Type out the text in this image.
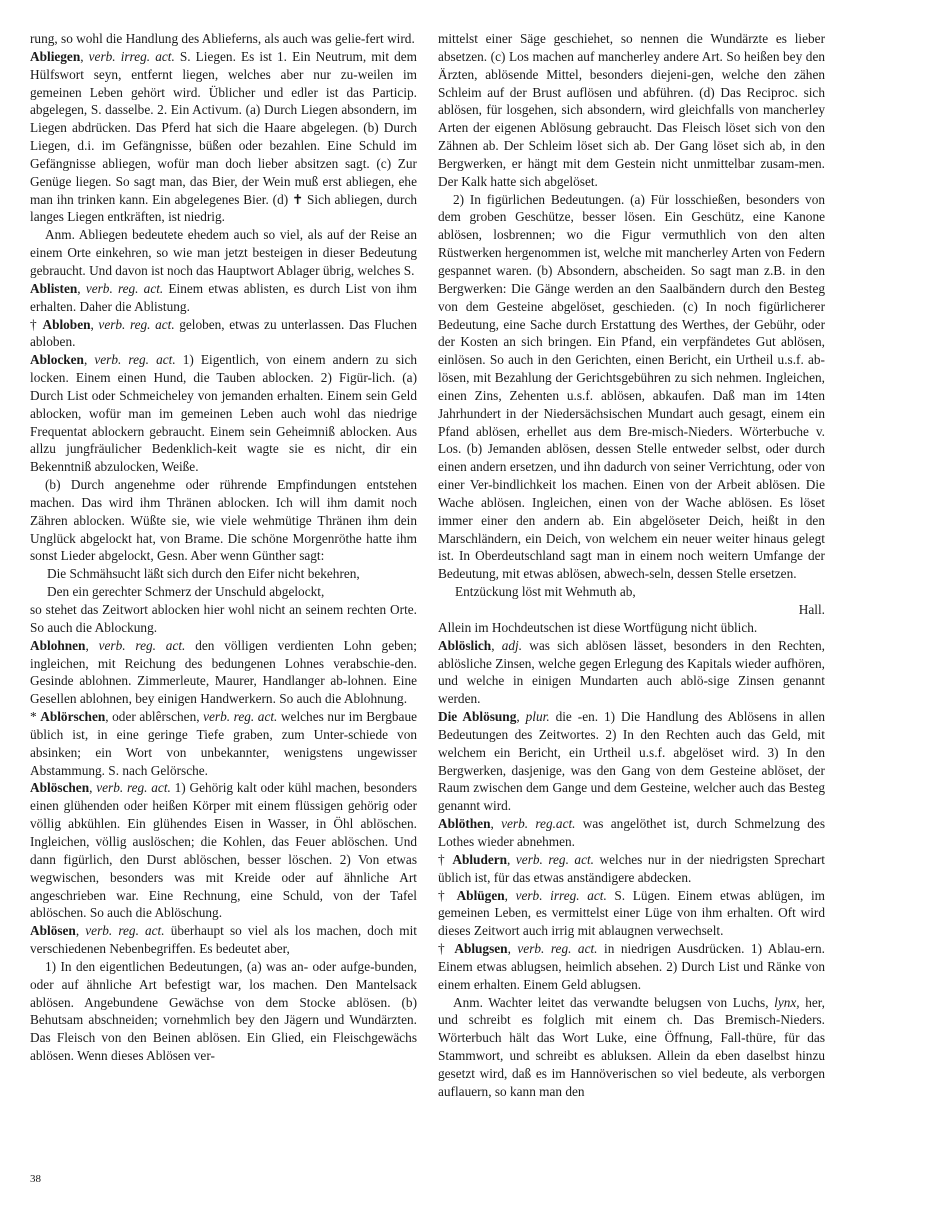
rung, so wohl die Handlung des Ablieferns, als auch was gelie-fert wird.

Abliegen, verb. irreg. act. S. Liegen. Es ist 1. Ein Neutrum, mit dem Hülfswort seyn, entfernt liegen, welches aber nur zu-weilen im gemeinen Leben gehört wird. Üblicher und edler ist das Particip. abgelegen, S. dasselbe. 2. Ein Activum. (a) Durch Liegen absondern, im Liegen abdrücken. Das Pferd hat sich die Haare abgelegen. (b) Durch Liegen, d.i. im Gefängnisse, büßen oder bezahlen. Eine Schuld im Gefängnisse abliegen, wofür man doch lieber absitzen sagt. (c) Zur Genüge liegen. So sagt man, das Bier, der Wein muß erst abliegen, ehe man ihn trinken kann. Ein abgelegenes Bier. (d) ✝ Sich abliegen, durch langes Liegen entkräften, ist niedrig.

Anm. Abliegen bedeutete ehedem auch so viel, als auf der Reise an einem Orte einkehren, so wie man jetzt besteigen in dieser Bedeutung gebraucht. Und davon ist noch das Hauptwort Ablager übrig, welches S.

Ablisten, verb. reg. act. Einem etwas ablisten, es durch List von ihm erhalten. Daher die Ablistung.

† Abloben, verb. reg. act. geloben, etwas zu unterlassen. Das Fluchen abloben.

Ablocken, verb. reg. act. 1) Eigentlich, von einem andern zu sich locken. Einem einen Hund, die Tauben ablocken. 2) Figür-lich. (a) Durch List oder Schmeicheley von jemanden erhalten. Einem sein Geld ablocken, wofür man im gemeinen Leben auch wohl das niedrige Frequentat ablockern gebraucht. Einem sein Geheimniß ablocken. Aus allzu jungfräulicher Bedenklich-keit wagte sie es nicht, dir ein Bekenntniß abzulocken, Weiße.

(b) Durch angenehme oder rührende Empfindungen entstehen machen. Das wird ihm Thränen ablocken. Ich will ihm damit noch Zähren ablocken. Wüßte sie, wie viele wehmütige Thränen ihm dein Unglück abgelockt hat, von Brame. Die schöne Morgenröthe hatte ihm sonst Lieder abgelockt, Gesn. Aber wenn Günther sagt:

Die Schmähsucht läßt sich durch den Eifer nicht bekehren,

Den ein gerechter Schmerz der Unschuld abgelockt,

so stehet das Zeitwort ablocken hier wohl nicht an seinem rechten Orte. So auch die Ablockung.

Ablohnen, verb. reg. act. den völligen verdienten Lohn geben; ingleichen, mit Reichung des bedungenen Lohnes verabschie-den. Gesinde ablohnen. Zimmerleute, Maurer, Handlanger ab-lohnen. Eine Gesellen ablohnen, bey einigen Handwerkern. So auch die Ablohnung.

* Ablörschen, oder ablêrschen, verb. reg. act. welches nur im Bergbaue üblich ist, in eine geringe Tiefe graben, zum Unter-schiede von absinken; ein Wort von unbekannter, wenigstens ungewisser Abstammung. S. nach Gelörsche.

Ablöschen, verb. reg. act. 1) Gehörig kalt oder kühl machen, besonders einen glühenden oder heißen Körper mit einem flüssigen gehörig oder völlig abkühlen. Ein glühendes Eisen in Wasser, in Öhl ablöschen. Ingleichen, völlig auslöschen; die Kohlen, das Feuer ablöschen. Und dann figürlich, den Durst ablöschen, besser löschen. 2) Von etwas wegwischen, besonders was mit Kreide oder auf ähnliche Art angeschrieben war. Eine Rechnung, eine Schuld, von der Tafel ablöschen. So auch die Ablöschung.

Ablösen, verb. reg. act. überhaupt so viel als los machen, doch mit verschiedenen Nebenbegriffen. Es bedeutet aber,

1) In den eigentlichen Bedeutungen, (a) was an- oder aufge-bunden, oder auf ähnliche Art befestigt war, los machen. Den Mantelsack ablösen. Angebundene Gewächse von dem Stocke ablösen. (b) Behutsam abschneiden; vornehmlich bey den Jägern und Wundärzten. Das Fleisch von den Beinen ablösen. Ein Glied, ein Fleischgewächs ablösen. Wenn dieses Ablösen ver-

mittelst einer Säge geschiehet, so nennen die Wundärzte es lieber absetzen. (c) Los machen auf mancherley andere Art. So heißen bey den Ärzten, ablösende Mittel, besonders diejeni-gen, welche den zähen Schleim auf der Brust auflösen und abführen. (d) Das Reciproc. sich ablösen, für losgehen, sich absondern, wird gleichfalls von mancherley Arten der eigenen Ablösung gebraucht. Das Fleisch löset sich von den Zähnen ab. Der Schleim löset sich ab. Der Gang löset sich ab, in den Bergwerken, er hängt mit dem Gestein nicht unmittelbar zusam-men. Der Kalk hatte sich abgelöset.

2) In figürlichen Bedeutungen. (a) Für losschießen, besonders von dem groben Geschütze, besser lösen. Ein Geschütz, eine Kanone ablösen, losbrennen; wo die Figur vermuthlich von den alten Rüstwerken hergenommen ist, welche mit mancherley Arten von Federn gespannet waren. (b) Absondern, abscheiden. So sagt man z.B. in den Bergwerken: Die Gänge werden an den Saalbändern durch den Besteg von dem Gesteine abgelöset, geschieden. (c) In noch figürlicherer Bedeutung, eine Sache durch Erstattung des Werthes, der Gebühr, oder der Kosten an sich bringen. Ein Pfand, ein verpfändetes Gut ablösen, einlösen. So auch in den Gerichten, einen Bericht, ein Urtheil u.s.f. ab-lösen, mit Bezahlung der Gerichtsgebühren zu sich nehmen. Ingleichen, einen Zins, Zehenten u.s.f. ablösen, abkaufen. Daß man im 14ten Jahrhundert in der Niedersächsischen Mundart auch gesagt, einem ein Pfand ablösen, erhellet aus dem Bre-misch-Nieders. Wörterbuche v. Los. (b) Jemanden ablösen, dessen Stelle entweder selbst, oder durch einen andern ersetzen, und ihn dadurch von seiner Verrichtung, oder von einer Ver-bindlichkeit los machen. Einen von der Arbeit ablösen. Die Wache ablösen. Ingleichen, einen von der Wache ablösen. Es löset immer einer den andern ab. Ein abgelöseter Deich, heißt in den Marschländern, ein Deich, von welchem ein neuer weiter hinaus gelegt ist. In Oberdeutschland sagt man in einem noch weitern Umfange der Bedeutung, mit etwas ablösen, abwech-seln, dessen Stelle ersetzen.

Entzückung löst mit Wehmuth ab,

Hall.

Allein im Hochdeutschen ist diese Wortfügung nicht üblich.

Ablöslich, adj. was sich ablösen lässet, besonders in den Rechten, ablösliche Zinsen, welche gegen Erlegung des Kapitals wieder aufhören, und welche in einigen Mundarten auch ablö-sige Zinsen genannt werden.

Die Ablösung, plur. die -en. 1) Die Handlung des Ablösens in allen Bedeutungen des Zeitwortes. 2) In den Rechten auch das Geld, mit welchem ein Bericht, ein Urtheil u.s.f. abgelöset wird. 3) In den Bergwerken, dasjenige, was den Gang von dem Gesteine ablöset, der Raum zwischen dem Gange und dem Gesteine, welcher auch das Besteg genannt wird.

Ablöthen, verb. reg.act. was angelöthet ist, durch Schmelzung des Lothes wieder abnehmen.

† Abludern, verb. reg. act. welches nur in der niedrigsten Sprechart üblich ist, für das etwas anständigere abdecken.

† Ablügen, verb. irreg. act. S. Lügen. Einem etwas ablügen, im gemeinen Leben, es vermittelst einer Lüge von ihm erhalten. Oft wird dieses Zeitwort auch irrig mit ablaugnen verwechselt.

† Ablugsen, verb. reg. act. in niedrigen Ausdrücken. 1) Ablau-ern. Einem etwas ablugsen, heimlich absehen. 2) Durch List und Ränke von einem erhalten. Einem Geld ablugsen.

Anm. Wachter leitet das verwandte belugsen von Luchs, lynx, her, und schreibt es folglich mit einem ch. Das Bremisch-Nieders. Wörterbuch hält das Wort Luke, eine Öffnung, Fall-thüre, für das Stammwort, und schreibt es abluksen. Allein da eben daselbst hinzu gesetzt wird, daß es im Hannöverischen so viel bedeute, als verborgen auflauern, so kann man den

38
